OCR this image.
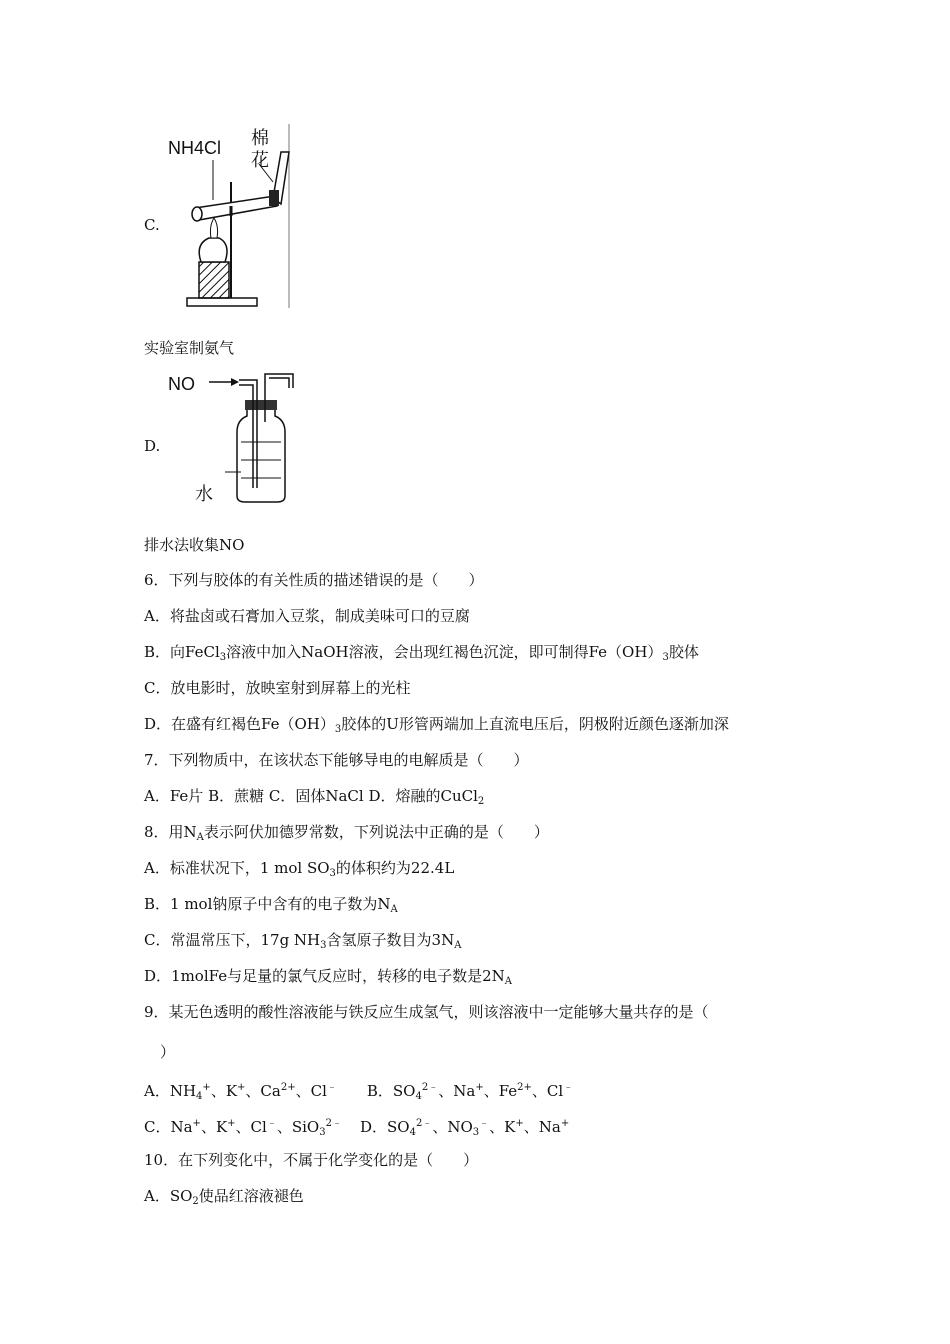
C.
NH4Cl 棉
花
实验室制氨气
D.
NO
水
排水法收集NO
6．下列与胶体的有关性质的描述错误的是（　　）
A．将盐卤或石膏加入豆浆，制成美味可口的豆腐
B．向FeCl$_3$溶液中加入NaOH溶液，会出现红褐色沉淀，即可制得$Fe(OH)_3$胶体
C．放电影时，放映室射到屏幕上的光柱
D．在盛有红褐色$Fe(OH)_3$胶体的U形管两端加上直流电压后，阴极附近颜色逐渐加深
7．下列物质中，在该状态下能够导电的电解质是（　　）
A．Fe片 B．蔗糖 C．固体NaCl D．熔融的CuCl$_2$
8．用$N_A$表示阿伏加德罗常数，下列说法中正确的是（　　）
A．标准状况下，1 mol $SO_3$的体积约为22.4L
B．1 mol钠原子中含有的电子数为$N_A$
C．常温常压下，17g $NH_3$含氢原子数目为$3N_A$
D．1molFe与足量的氯气反应时，转移的电子数是$2N_A$
9．某无色透明的酸性溶液能与铁反应生成氢气，则该溶液中一定能够大量共存的是（
）
A．$NH_4^+$、K+、$Ca^{2+}$、Cl﹣ B．$SO_4^{2﹣}$、Na+、$Fe^{2+}$、Cl﹣
C．Na+、K+、Cl﹣、SiO$_3^{2﹣}$ D．$SO_4^{2﹣}$、$NO_3^﹣$、K+、Na+
10．在下列变化中，不属于化学变化的是（　　）
A．$SO_2$使品红溶液褪色
